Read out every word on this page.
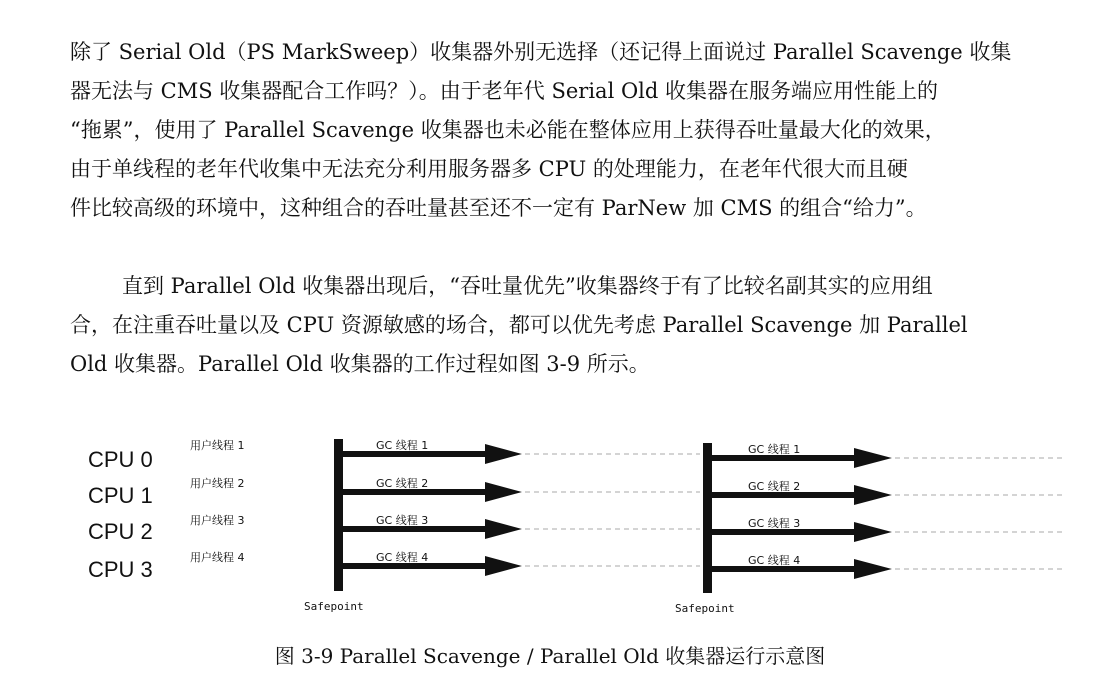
除了 Serial Old（PS MarkSweep）收集器外别无选择（还记得上面说过 Parallel Scavenge 收集
器无法与 CMS 收集器配合工作吗？）。由于老年代 Serial Old 收集器在服务端应用性能上的
“拖累”，使用了 Parallel Scavenge 收集器也未必能在整体应用上获得吞吐量最大化的效果，
由于单线程的老年代收集中无法充分利用服务器多 CPU 的处理能力，在老年代很大而且硬
件比较高级的环境中，这种组合的吞吐量甚至还不一定有 ParNew 加 CMS 的组合“给力”。
直到 Parallel Old 收集器出现后，“吞吐量优先”收集器终于有了比较名副其实的应用组
合，在注重吞吐量以及 CPU 资源敏感的场合，都可以优先考虑 Parallel Scavenge 加 Parallel
Old 收集器。Parallel Old 收集器的工作过程如图 3-9 所示。
CPU 0
CPU 1
CPU 2
CPU 3
用户线程 1
用户线程 2
用户线程 3
用户线程 4
GC 线程 1
GC 线程 2
GC 线程 3
GC 线程 4
Safepoint
GC 线程 1
GC 线程 2
GC 线程 3
GC 线程 4
Safepoint
图 3-9 Parallel Scavenge / Parallel Old 收集器运行示意图
